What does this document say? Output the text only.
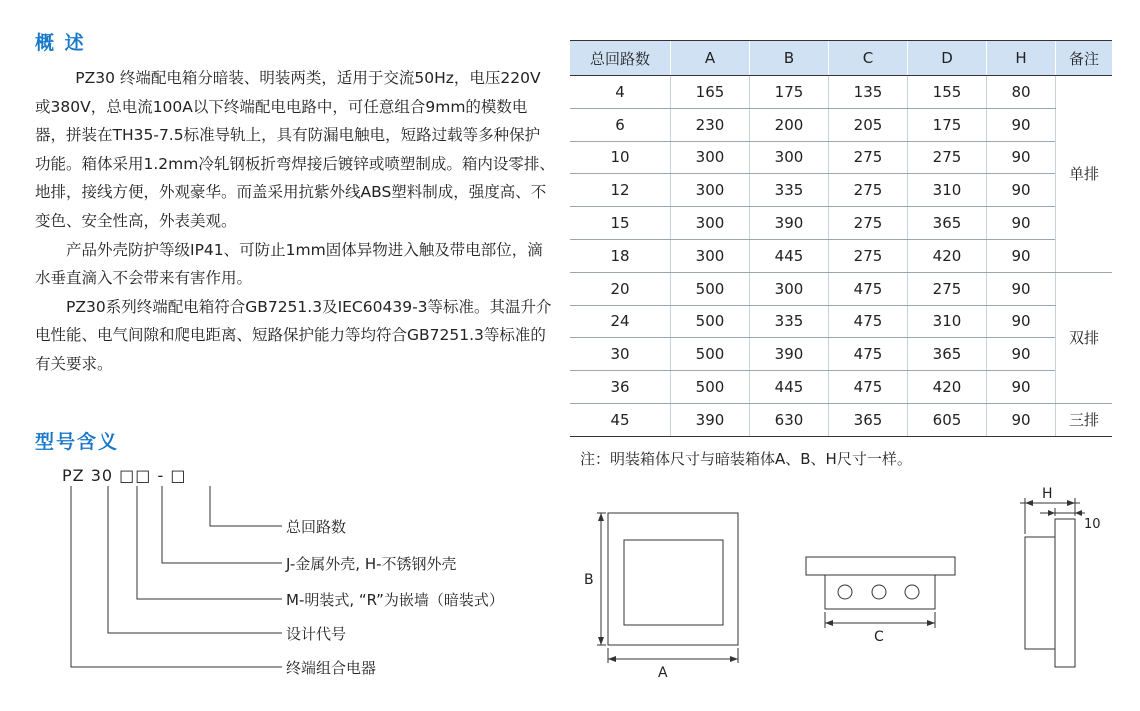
概 述

PZ30 终端配电箱分暗装、明装两类，适用于交流50Hz，电压220V或380V，总电流100A以下终端配电电路中，可任意组合9mm的模数电器，拼装在TH35-7.5标准导轨上，具有防漏电触电，短路过载等多种保护功能。箱体采用1.2mm冷轧钢板折弯焊接后镀锌或喷塑制成。箱内设零排、地排，接线方便，外观豪华。而盖采用抗紫外线ABS塑料制成，强度高、不变色、安全性高，外表美观。

产品外壳防护等级IP41、可防止1mm固体异物进入触及带电部位，滴水垂直滴入不会带来有害作用。

PZ30系列终端配电箱符合GB7251.3及IEC60439-3等标准。其温升介电性能、电气间隙和爬电距离、短路保护能力等均符合GB7251.3等标准的有关要求。

总回路数	A	B	C	D	H	备注
4	165	175	135	155	80	单排
6	230	200	205	175	90	
10	300	300	275	275	90	
12	300	335	275	310	90	
15	300	390	275	365	90	
18	300	445	275	420	90	
20	500	300	475	275	90	双排
24	500	335	475	310	90	
30	500	390	475	365	90	
36	500	445	475	420	90	
45	390	630	365	605	90	三排
注：明装箱体尺寸与暗装箱体A、B、H尺寸一样。
型号含义
PZ 30 □□ - □
B
A
C
H
10
总回路数
J-金属外壳, H-不锈钢外壳
M-明装式, “R”为嵌墙（暗装式）
设计代号
终端组合电器
